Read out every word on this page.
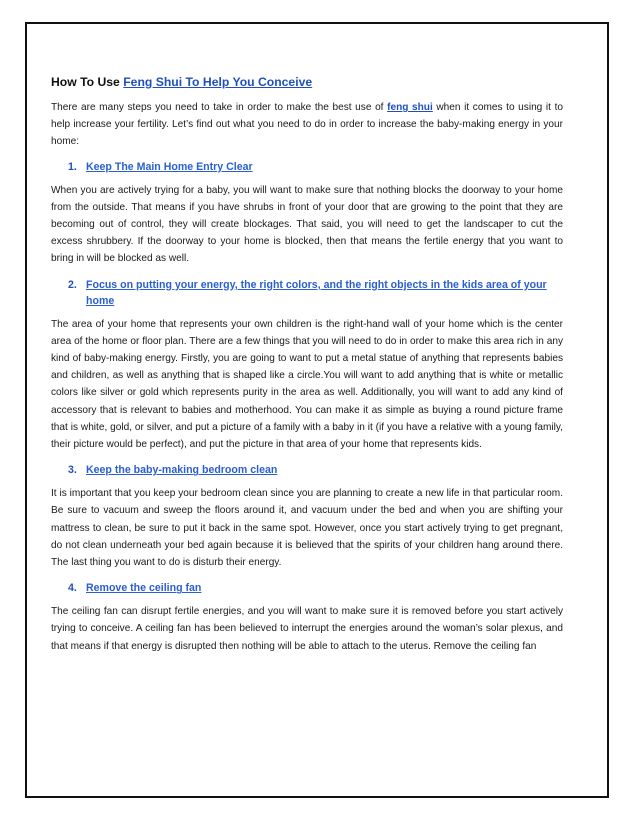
How To Use Feng Shui To Help You Conceive

There are many steps you need to take in order to make the best use of feng shui when it comes to using it to help increase your fertility. Let’s find out what you need to do in order to increase the baby-making energy in your home:

1. Keep The Main Home Entry Clear

When you are actively trying for a baby, you will want to make sure that nothing blocks the doorway to your home from the outside. That means if you have shrubs in front of your door that are growing to the point that they are becoming out of control, they will create blockages. That said, you will need to get the landscaper to cut the excess shrubbery. If the doorway to your home is blocked, then that means the fertile energy that you want to bring in will be blocked as well.

2. Focus on putting your energy, the right colors, and the right objects in the kids area of your home

The area of your home that represents your own children is the right-hand wall of your home which is the center area of the home or floor plan. There are a few things that you will need to do in order to make this area rich in any kind of baby-making energy. Firstly, you are going to want to put a metal statue of anything that represents babies and children, as well as anything that is shaped like a circle.You will want to add anything that is white or metallic colors like silver or gold which represents purity in the area as well. Additionally, you will want to add any kind of accessory that is relevant to babies and motherhood. You can make it as simple as buying a round picture frame that is white, gold, or silver, and put a picture of a family with a baby in it (if you have a relative with a young family, their picture would be perfect), and put the picture in that area of your home that represents kids.

3. Keep the baby-making bedroom clean

It is important that you keep your bedroom clean since you are planning to create a new life in that particular room. Be sure to vacuum and sweep the floors around it, and vacuum under the bed and when you are shifting your mattress to clean, be sure to put it back in the same spot. However, once you start actively trying to get pregnant, do not clean underneath your bed again because it is believed that the spirits of your children hang around there. The last thing you want to do is disturb their energy.

4. Remove the ceiling fan

The ceiling fan can disrupt fertile energies, and you will want to make sure it is removed before you start actively trying to conceive. A ceiling fan has been believed to interrupt the energies around the woman’s solar plexus, and that means if that energy is disrupted then nothing will be able to attach to the uterus. Remove the ceiling fan
